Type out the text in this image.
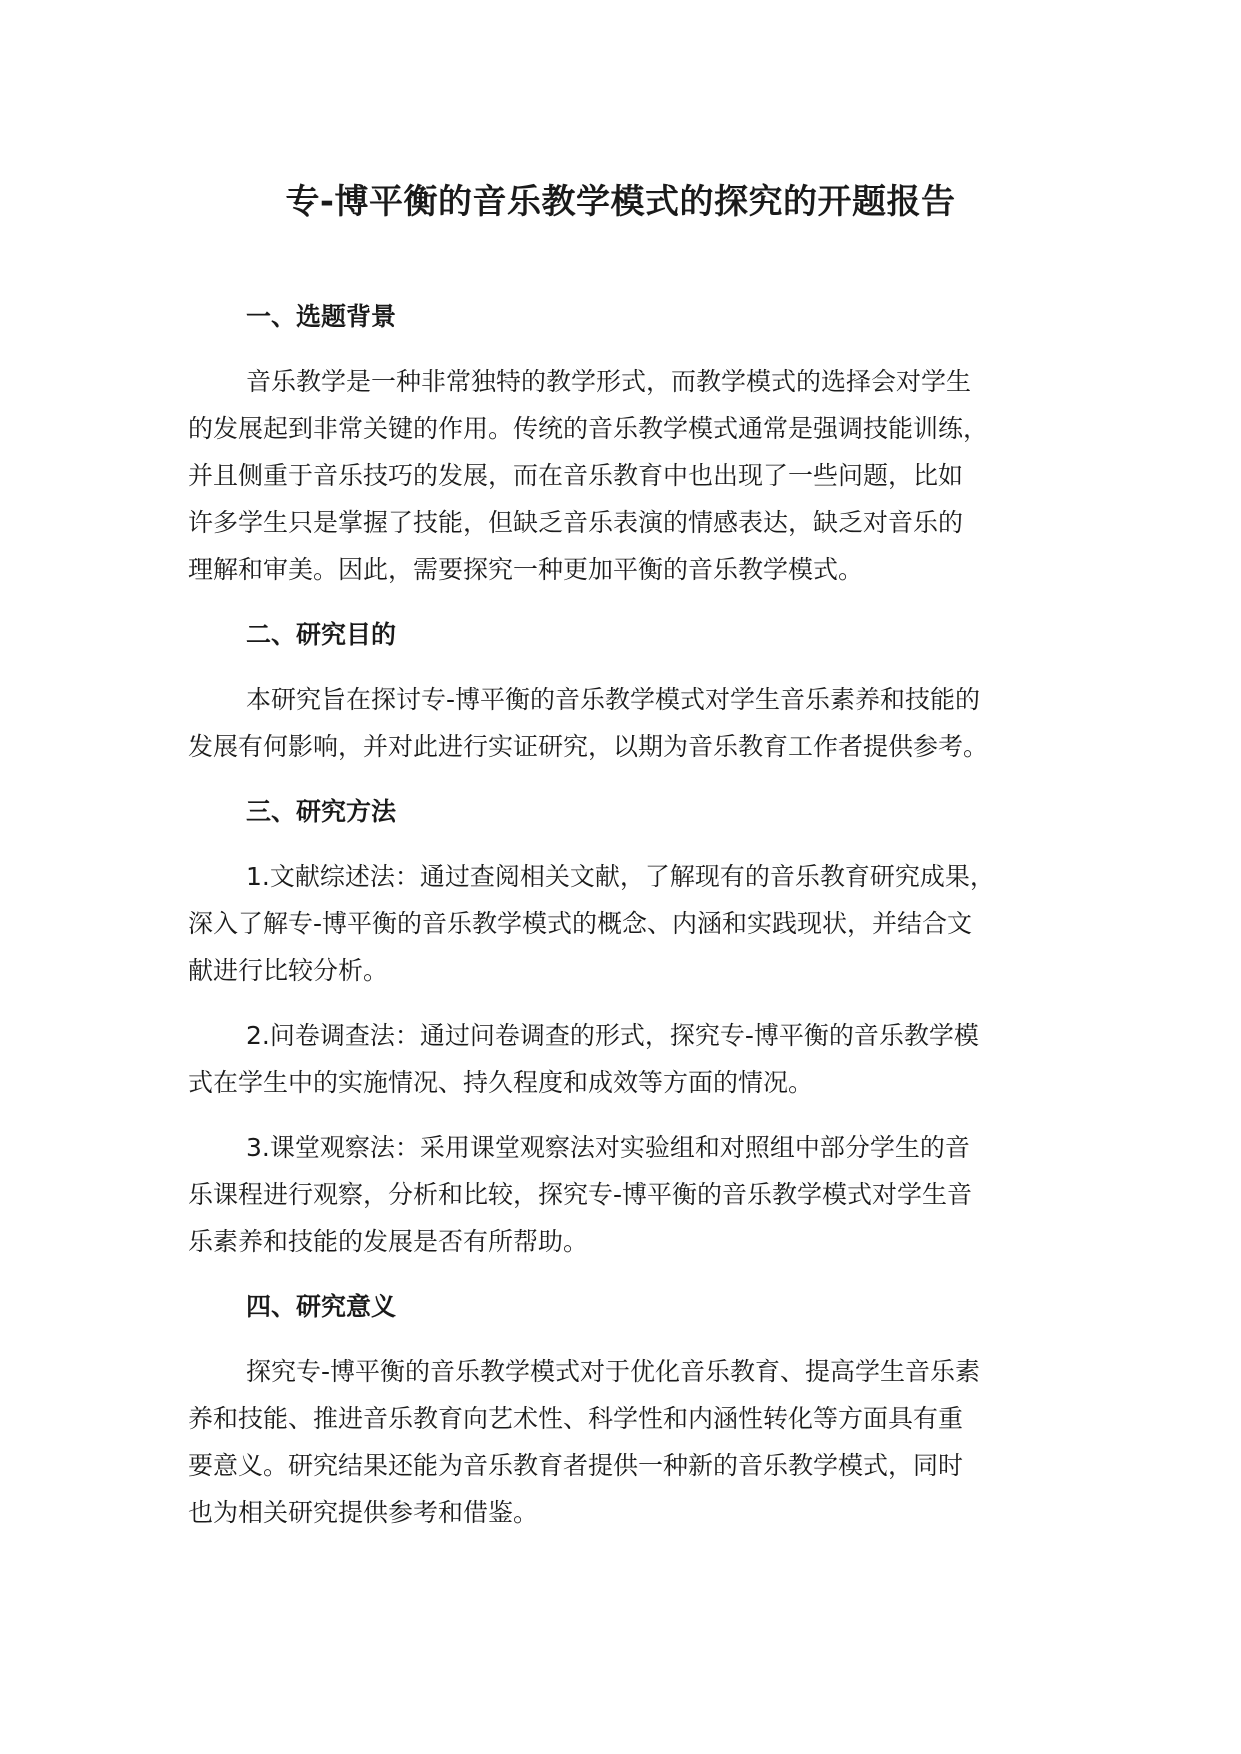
专-博平衡的音乐教学模式的探究的开题报告
一、选题背景

音乐教学是一种非常独特的教学形式，而教学模式的选择会对学生
的发展起到非常关键的作用。传统的音乐教学模式通常是强调技能训练，
并且侧重于音乐技巧的发展，而在音乐教育中也出现了一些问题，比如
许多学生只是掌握了技能，但缺乏音乐表演的情感表达，缺乏对音乐的
理解和审美。因此，需要探究一种更加平衡的音乐教学模式。

二、研究目的

本研究旨在探讨专-博平衡的音乐教学模式对学生音乐素养和技能的
发展有何影响，并对此进行实证研究，以期为音乐教育工作者提供参考。

三、研究方法

1.文献综述法：通过查阅相关文献，了解现有的音乐教育研究成果，
深入了解专-博平衡的音乐教学模式的概念、内涵和实践现状，并结合文
献进行比较分析。

2.问卷调查法：通过问卷调查的形式，探究专-博平衡的音乐教学模
式在学生中的实施情况、持久程度和成效等方面的情况。

3.课堂观察法：采用课堂观察法对实验组和对照组中部分学生的音
乐课程进行观察，分析和比较，探究专-博平衡的音乐教学模式对学生音
乐素养和技能的发展是否有所帮助。

四、研究意义

探究专-博平衡的音乐教学模式对于优化音乐教育、提高学生音乐素
养和技能、推进音乐教育向艺术性、科学性和内涵性转化等方面具有重
要意义。研究结果还能为音乐教育者提供一种新的音乐教学模式，同时
也为相关研究提供参考和借鉴。
